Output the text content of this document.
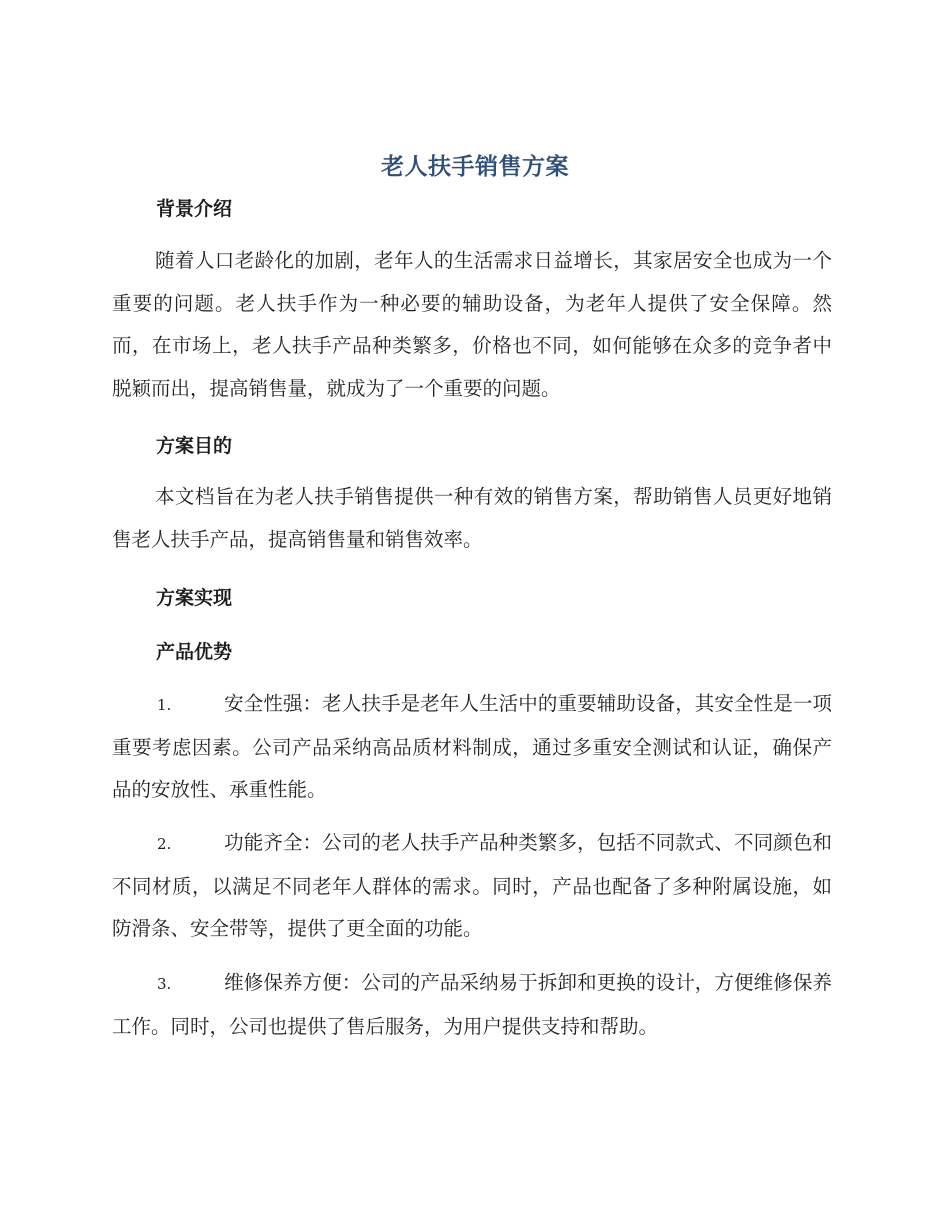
老人扶手销售方案
背景介绍

随着人口老龄化的加剧，老年人的生活需求日益增长，其家居安全也成为一个重要的问题。老人扶手作为一种必要的辅助设备，为老年人提供了安全保障。然而，在市场上，老人扶手产品种类繁多，价格也不同，如何能够在众多的竞争者中脱颖而出，提高销售量，就成为了一个重要的问题。

方案目的

本文档旨在为老人扶手销售提供一种有效的销售方案，帮助销售人员更好地销售老人扶手产品，提高销售量和销售效率。

方案实现
产品优势

1.	安全性强：老人扶手是老年人生活中的重要辅助设备，其安全性是一项重要考虑因素。公司产品采纳高品质材料制成，通过多重安全测试和认证，确保产品的安放性、承重性能。

2.	功能齐全：公司的老人扶手产品种类繁多，包括不同款式、不同颜色和不同材质，以满足不同老年人群体的需求。同时，产品也配备了多种附属设施，如防滑条、安全带等，提供了更全面的功能。

3.	维修保养方便：公司的产品采纳易于拆卸和更换的设计，方便维修保养工作。同时，公司也提供了售后服务，为用户提供支持和帮助。
